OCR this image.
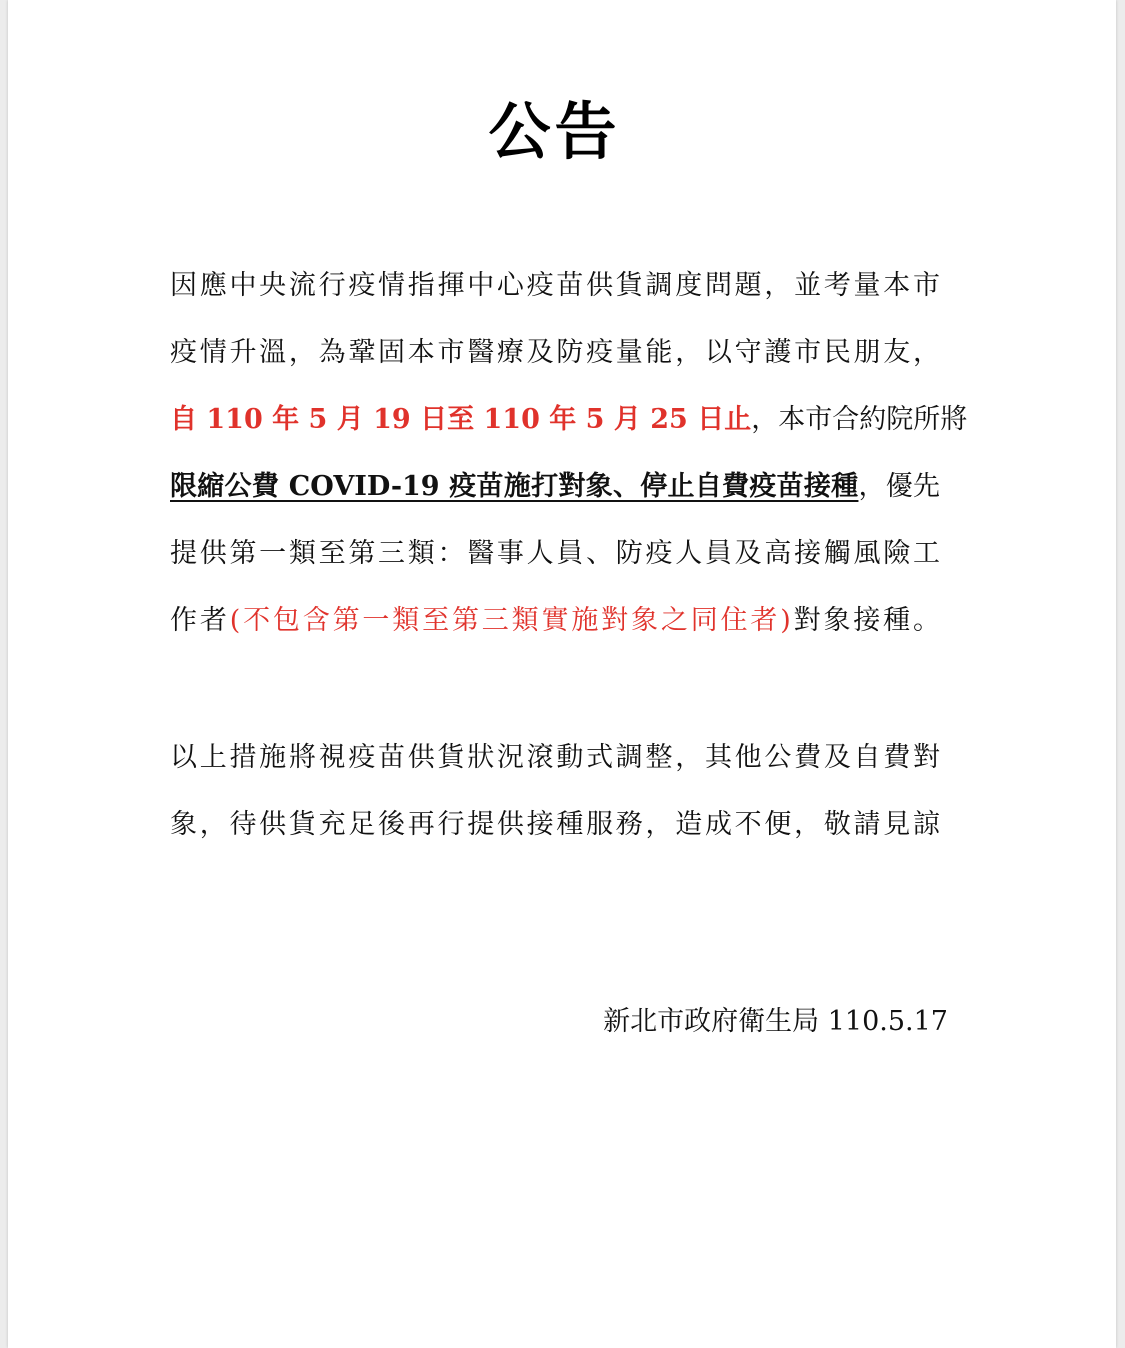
公告
因應中央流行疫情指揮中心疫苗供貨調度問題，並考量本市
疫情升溫，為鞏固本市醫療及防疫量能，以守護市民朋友，
自 110 年 5 月 19 日至 110 年 5 月 25 日止，本市合約院所將
限縮公費 COVID-19 疫苗施打對象、停止自費疫苗接種，優先
提供第一類至第三類：醫事人員、防疫人員及高接觸風險工
作者(不包含第一類至第三類實施對象之同住者)對象接種。
以上措施將視疫苗供貨狀況滾動式調整，其他公費及自費對
象，待供貨充足後再行提供接種服務，造成不便，敬請見諒
新北市政府衛生局 110.5.17
